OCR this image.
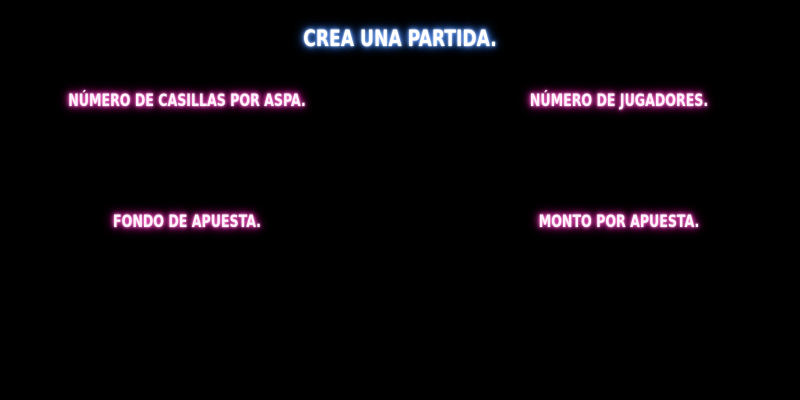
CREA UNA PARTIDA.
NÚMERO DE CASILLAS POR ASPA.	NÚMERO DE JUGADORES.
FONDO DE APUESTA.	MONTO POR APUESTA.
